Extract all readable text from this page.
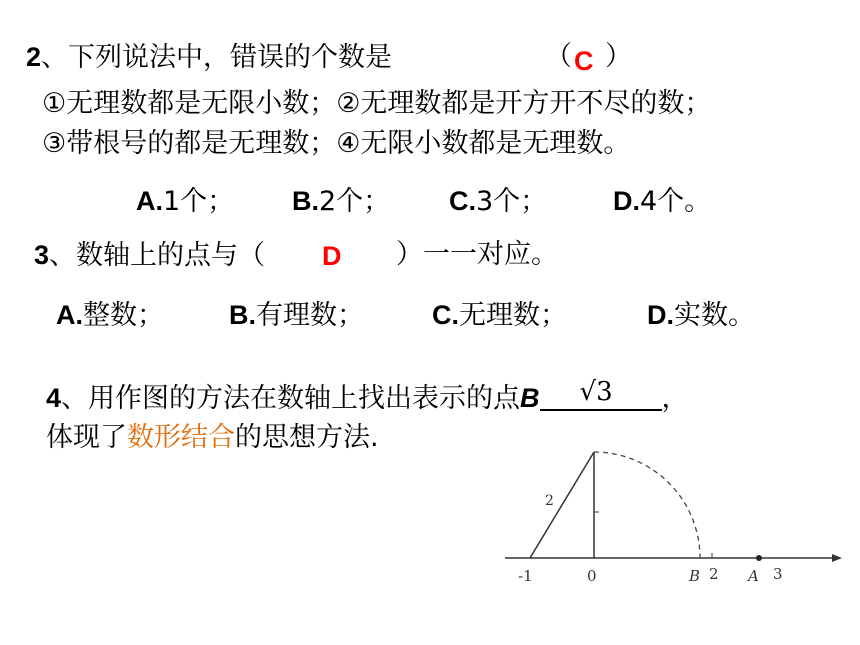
2、下列说法中，错误的个数是	（ C ）
①无理数都是无限小数；②无理数都是开方开不尽的数；
③带根号的都是无理数；④无限小数都是无理数。
A.1个； B.2个； C.3个； D.4个。
3、数轴上的点与（ D ）一一对应。
A.整数； B.有理数；	C.无理数；	D.实数。
4、用作图的方法在数轴上找出表示的点B √3 ，
体现了数形结合的思想方法.
2
-1	0	B 2 A 3
